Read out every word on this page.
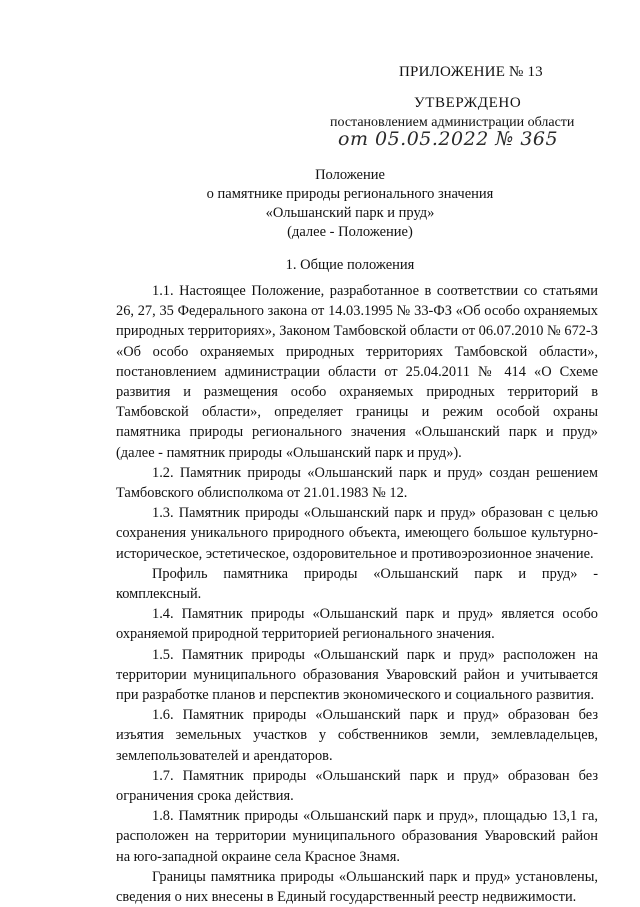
ПРИЛОЖЕНИЕ № 13
УТВЕРЖДЕНО
постановлением администрации области
от 05.05.2022 № 365
Положение
о памятнике природы регионального значения
«Ольшанский парк и пруд»
(далее - Положение)
1. Общие положения

1.1. Настоящее Положение, разработанное в соответствии со статьями 26, 27, 35 Федерального закона от 14.03.1995 № 33-ФЗ «Об особо охраняемых природных территориях», Законом Тамбовской области от 06.07.2010 № 672-З «Об особо охраняемых природных территориях Тамбовской области», постановлением администрации области от 25.04.2011 № 414 «О Схеме развития и размещения особо охраняемых природных территорий в Тамбовской области», определяет границы и режим особой охраны памятника природы регионального значения «Ольшанский парк и пруд» (далее - памятник природы «Ольшанский парк и пруд»).

1.2. Памятник природы «Ольшанский парк и пруд» создан решением Тамбовского облисполкома от 21.01.1983 № 12.

1.3. Памятник природы «Ольшанский парк и пруд» образован с целью сохранения уникального природного объекта, имеющего большое культурно-историческое, эстетическое, оздоровительное и противоэрозионное значение.

Профиль памятника природы «Ольшанский парк и пруд» - комплексный.

1.4. Памятник природы «Ольшанский парк и пруд» является особо охраняемой природной территорией регионального значения.

1.5. Памятник природы «Ольшанский парк и пруд» расположен на территории муниципального образования Уваровский район и учитывается при разработке планов и перспектив экономического и социального развития.

1.6. Памятник природы «Ольшанский парк и пруд» образован без изъятия земельных участков у собственников земли, землевладельцев, землепользователей и арендаторов.

1.7. Памятник природы «Ольшанский парк и пруд» образован без ограничения срока действия.

1.8. Памятник природы «Ольшанский парк и пруд», площадью 13,1 га, расположен на территории муниципального образования Уваровский район на юго-западной окраине села Красное Знамя.

Границы памятника природы «Ольшанский парк и пруд» установлены, сведения о них внесены в Единый государственный реестр недвижимости.
